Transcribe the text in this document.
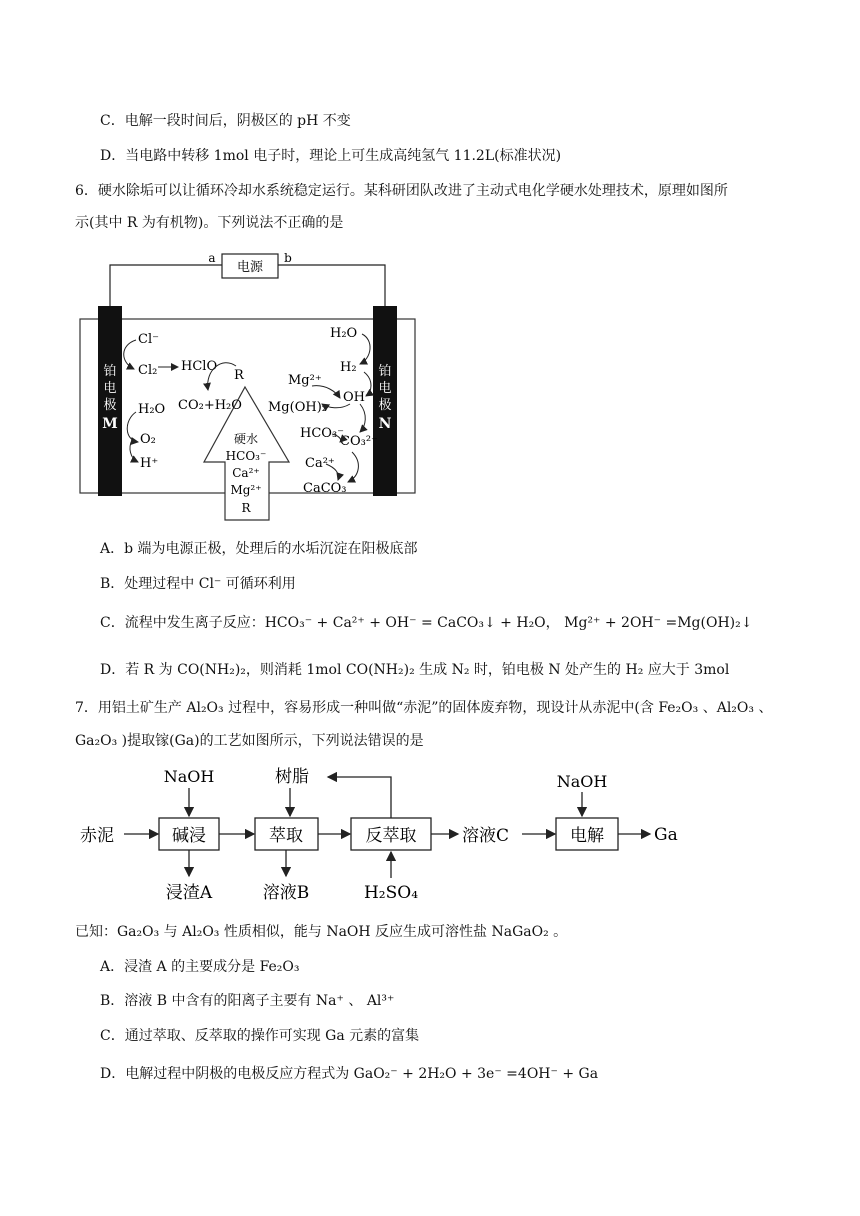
C．电解一段时间后，阴极区的 pH 不变
D．当电路中转移 1mol 电子时，理论上可生成高纯氢气 11.2L(标准状况)
6．硬水除垢可以让循环冷却水系统稳定运行。某科研团队改进了主动式电化学硬水处理技术，原理如图所
示(其中 R 为有机物)。下列说法不正确的是
电源
a	b
铂
电
极
M
铂
电
极
N
Cl⁻
Cl₂ HClO
R
CO₂+H₂O
H₂O
O₂
H⁺
硬水
HCO₃⁻
Ca²⁺
Mg²⁺
R
H₂O
H₂
Mg²⁺
OH⁻
Mg(OH)₂
HCO₃⁻
CO₃²⁻
Ca²⁺
CaCO₃
A．b 端为电源正极，处理后的水垢沉淀在阳极底部
B．处理过程中 Cl⁻ 可循环利用
C．流程中发生离子反应：HCO₃⁻ + Ca²⁺ + OH⁻ = CaCO₃↓ + H₂O， Mg²⁺ + 2OH⁻ =Mg(OH)₂↓
D．若 R 为 CO(NH₂)₂，则消耗 1mol CO(NH₂)₂ 生成 N₂ 时，铂电极 N 处产生的 H₂ 应大于 3mol
7．用铝土矿生产 Al₂O₃ 过程中，容易形成一种叫做“赤泥”的固体废弃物，现设计从赤泥中(含 Fe₂O₃ 、Al₂O₃ 、
Ga₂O₃ )提取镓(Ga)的工艺如图所示，下列说法错误的是
赤泥	碱浸
NaOH
浸渣A
萃取
树脂
溶液B
反萃取
H₂SO₄
溶液C	电解
NaOH
Ga
已知：Ga₂O₃ 与 Al₂O₃ 性质相似，能与 NaOH 反应生成可溶性盐 NaGaO₂ 。
A．浸渣 A 的主要成分是 Fe₂O₃
B．溶液 B 中含有的阳离子主要有 Na⁺ 、 Al³⁺
C．通过萃取、反萃取的操作可实现 Ga 元素的富集
D．电解过程中阴极的电极反应方程式为 GaO₂⁻ + 2H₂O + 3e⁻ =4OH⁻ + Ga
